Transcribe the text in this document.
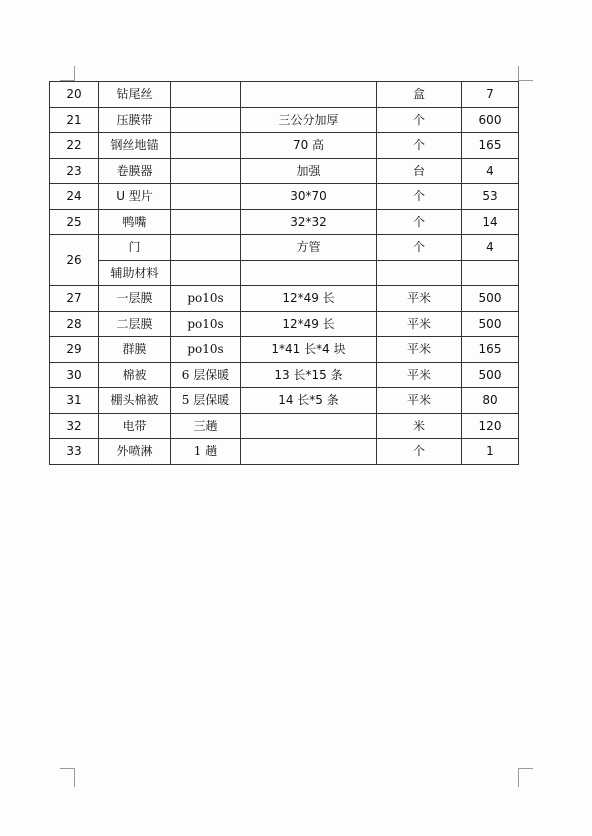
20	钻尾丝			盒	7
21	压膜带		三公分加厚	个	600
22	钢丝地锚		70 高	个	165
23	卷膜器		加强	台	4
24	U 型片		30*70	个	53
25	鸭嘴		32*32	个	14
26	门		方管	个	4
	辅助材料				
27	一层膜	po10s	12*49 长	平米	500
28	二层膜	po10s	12*49 长	平米	500
29	群膜	po10s	1*41 长*4 块	平米	165
30	棉被	6 层保暖	13 长*15 条	平米	500
31	棚头棉被	5 层保暖	14 长*5 条	平米	80
32	电带	三趟		米	120
33	外喷淋	1 趟		个	1
